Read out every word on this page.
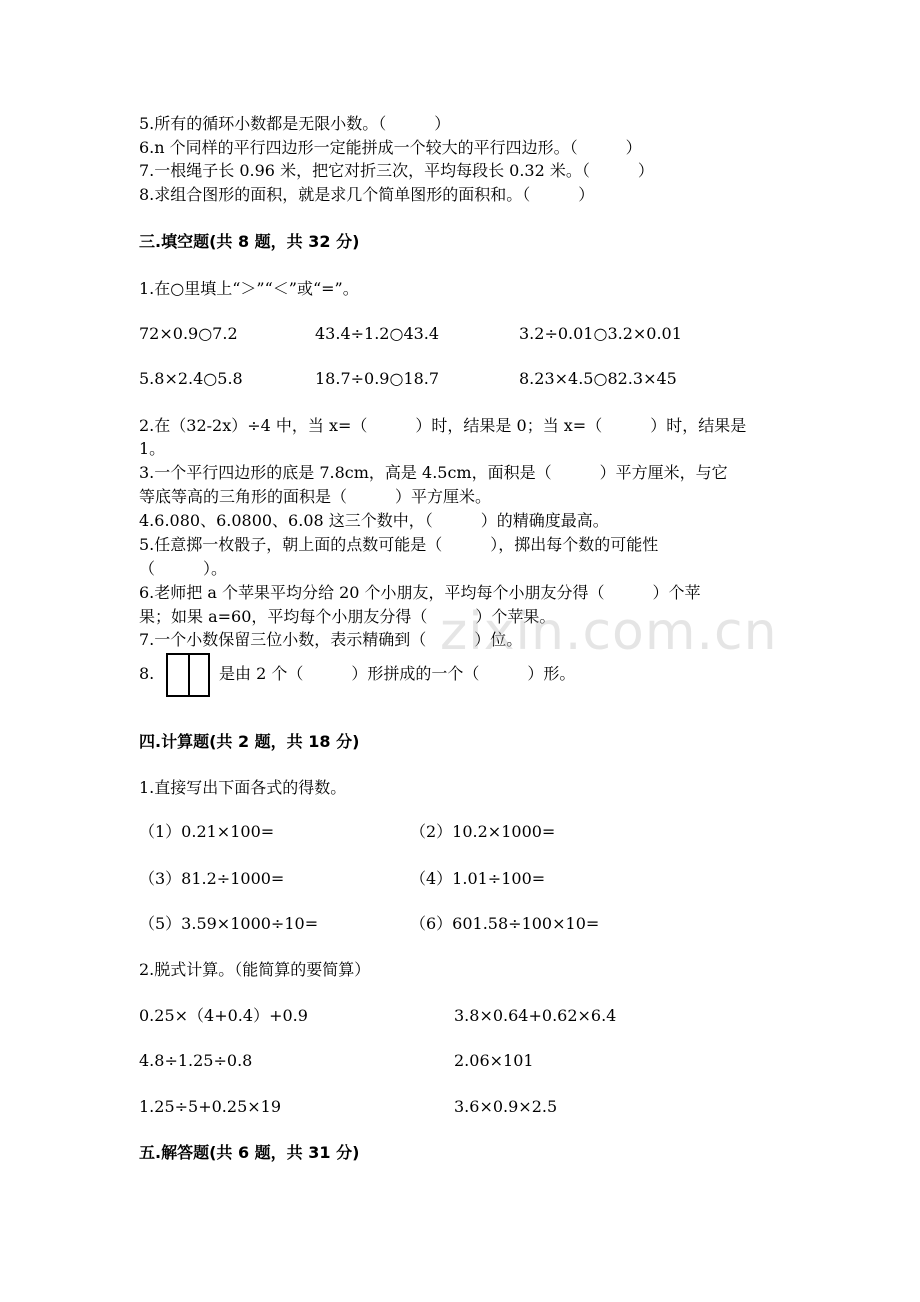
5.所有的循环小数都是无限小数。（　　　）
6.n 个同样的平行四边形一定能拼成一个较大的平行四边形。（　　　）
7.一根绳子长 0.96 米，把它对折三次，平均每段长 0.32 米。（　　　）
8.求组合图形的面积，就是求几个简单图形的面积和。（　　　）
三.填空题(共 8 题，共 32 分)
1.在○里填上“＞”“＜”或“=”。
72×0.9○7.2	43.4÷1.2○43.4	3.2÷0.01○3.2×0.01
5.8×2.4○5.8	18.7÷0.9○18.7	8.23×4.5○82.3×45
2.在（32-2x）÷4 中，当 x=（　　　）时，结果是 0；当 x=（　　　）时，结果是
1。
3.一个平行四边形的底是 7.8cm，高是 4.5cm，面积是（　　　）平方厘米，与它
等底等高的三角形的面积是（　　　）平方厘米。
4.6.080、6.0800、6.08 这三个数中，（　　　）的精确度最高。
5.任意掷一枚骰子，朝上面的点数可能是（　　　），掷出每个数的可能性
（　　　）。
6.老师把 a 个苹果平均分给 20 个小朋友，平均每个小朋友分得（　　　）个苹
果；如果 a=60，平均每个小朋友分得（　　　）个苹果。
7.一个小数保留三位小数，表示精确到（　　　）位。
8.	是由 2 个（　　　）形拼成的一个（　　　）形。
四.计算题(共 2 题，共 18 分)
1.直接写出下面各式的得数。
（1）0.21×100=	（2）10.2×1000=
（3）81.2÷1000=	（4）1.01÷100=
（5）3.59×1000÷10=	（6）601.58÷100×10=
2.脱式计算。（能简算的要简算）
0.25×（4+0.4）+0.9	3.8×0.64+0.62×6.4
4.8÷1.25÷0.8	2.06×101
1.25÷5+0.25×19	3.6×0.9×2.5
五.解答题(共 6 题，共 31 分)
zixin.com.cn
